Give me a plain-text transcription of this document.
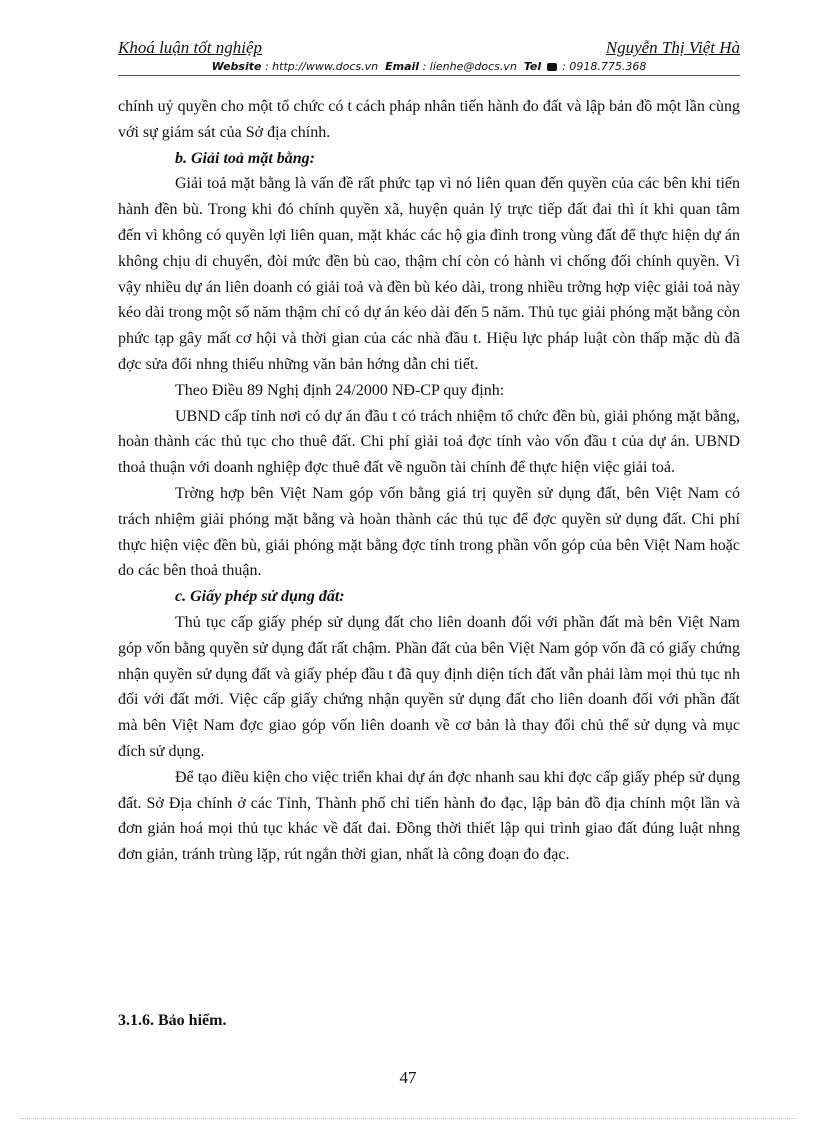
Khoá luận tốt nghiệp	Nguyễn Thị Việt Hà
Website : http://www.docs.vn Email : lienhe@docs.vn Tel : 0918.775.368

chính uỷ quyền cho một tổ chức có t cách pháp nhân tiến hành đo đất và lập bản đồ một lần cùng với sự giám sát của Sở địa chính.

b. Giải toả mặt bằng:

Giải toả mặt bằng là vấn đề rất phức tạp vì nó liên quan đến quyền của các bên khi tiến hành đền bù. Trong khi đó chính quyền xã, huyện quản lý trực tiếp đất đai thì ít khi quan tâm đến vì không có quyền lợi liên quan, mặt khác các hộ gia đình trong vùng đất để thực hiện dự án không chịu di chuyển, đòi mức đền bù cao, thậm chí còn có hành vi chống đối chính quyền. Vì vậy nhiều dự án liên doanh có giải toả và đền bù kéo dài, trong nhiều trờng hợp việc giải toả này kéo dài trong một số năm thậm chí có dự án kéo dài đến 5 năm. Thủ tục giải phóng mặt bằng còn phức tạp gây mất cơ hội và thời gian của các nhà đầu t. Hiệu lực pháp luật còn thấp mặc dù đã đợc sửa đổi nhng thiếu những văn bản hớng dẫn chi tiết.

Theo Điều 89 Nghị định 24/2000 NĐ-CP quy định:

UBND cấp tỉnh nơi có dự án đầu t có trách nhiệm tổ chức đền bù, giải phóng mặt bằng, hoàn thành các thủ tục cho thuê đất. Chi phí giải toả đợc tính vào vốn đầu t của dự án. UBND thoả thuận với doanh nghiệp đợc thuê đất về nguồn tài chính để thực hiện việc giải toả.

Trờng hợp bên Việt Nam góp vốn bằng giá trị quyền sử dụng đất, bên Việt Nam có trách nhiệm giải phóng mặt bằng và hoàn thành các thủ tục để đợc quyền sử dụng đất. Chi phí thực hiện việc đền bù, giải phóng mặt bằng đợc tính trong phần vốn góp của bên Việt Nam hoặc do các bên thoả thuận.

c. Giấy phép sử dụng đất:

Thủ tục cấp giấy phép sử dụng đất cho liên doanh đối với phần đất mà bên Việt Nam góp vốn bằng quyền sử dụng đất rất chậm. Phần đất của bên Việt Nam góp vốn đã có giấy chứng nhận quyền sử dụng đất và giấy phép đầu t đã quy định diện tích đất vẫn phải làm mọi thủ tục nh đối với đất mới. Việc cấp giấy chứng nhận quyền sử dụng đất cho liên doanh đối với phần đất mà bên Việt Nam đợc giao góp vốn liên doanh về cơ bản là thay đổi chủ thể sử dụng và mục đích sử dụng.

Để tạo điều kiện cho việc triển khai dự án đợc nhanh sau khi đợc cấp giấy phép sử dụng đất. Sở Địa chính ở các Tỉnh, Thành phố chỉ tiến hành đo đạc, lập bản đồ địa chính một lần và đơn giản hoá mọi thủ tục khác về đất đai. Đồng thời thiết lập qui trình giao đất đúng luật nhng đơn giản, tránh trùng lặp, rút ngắn thời gian, nhất là công đoạn đo đạc.

3.1.6. Bảo hiểm.
47
